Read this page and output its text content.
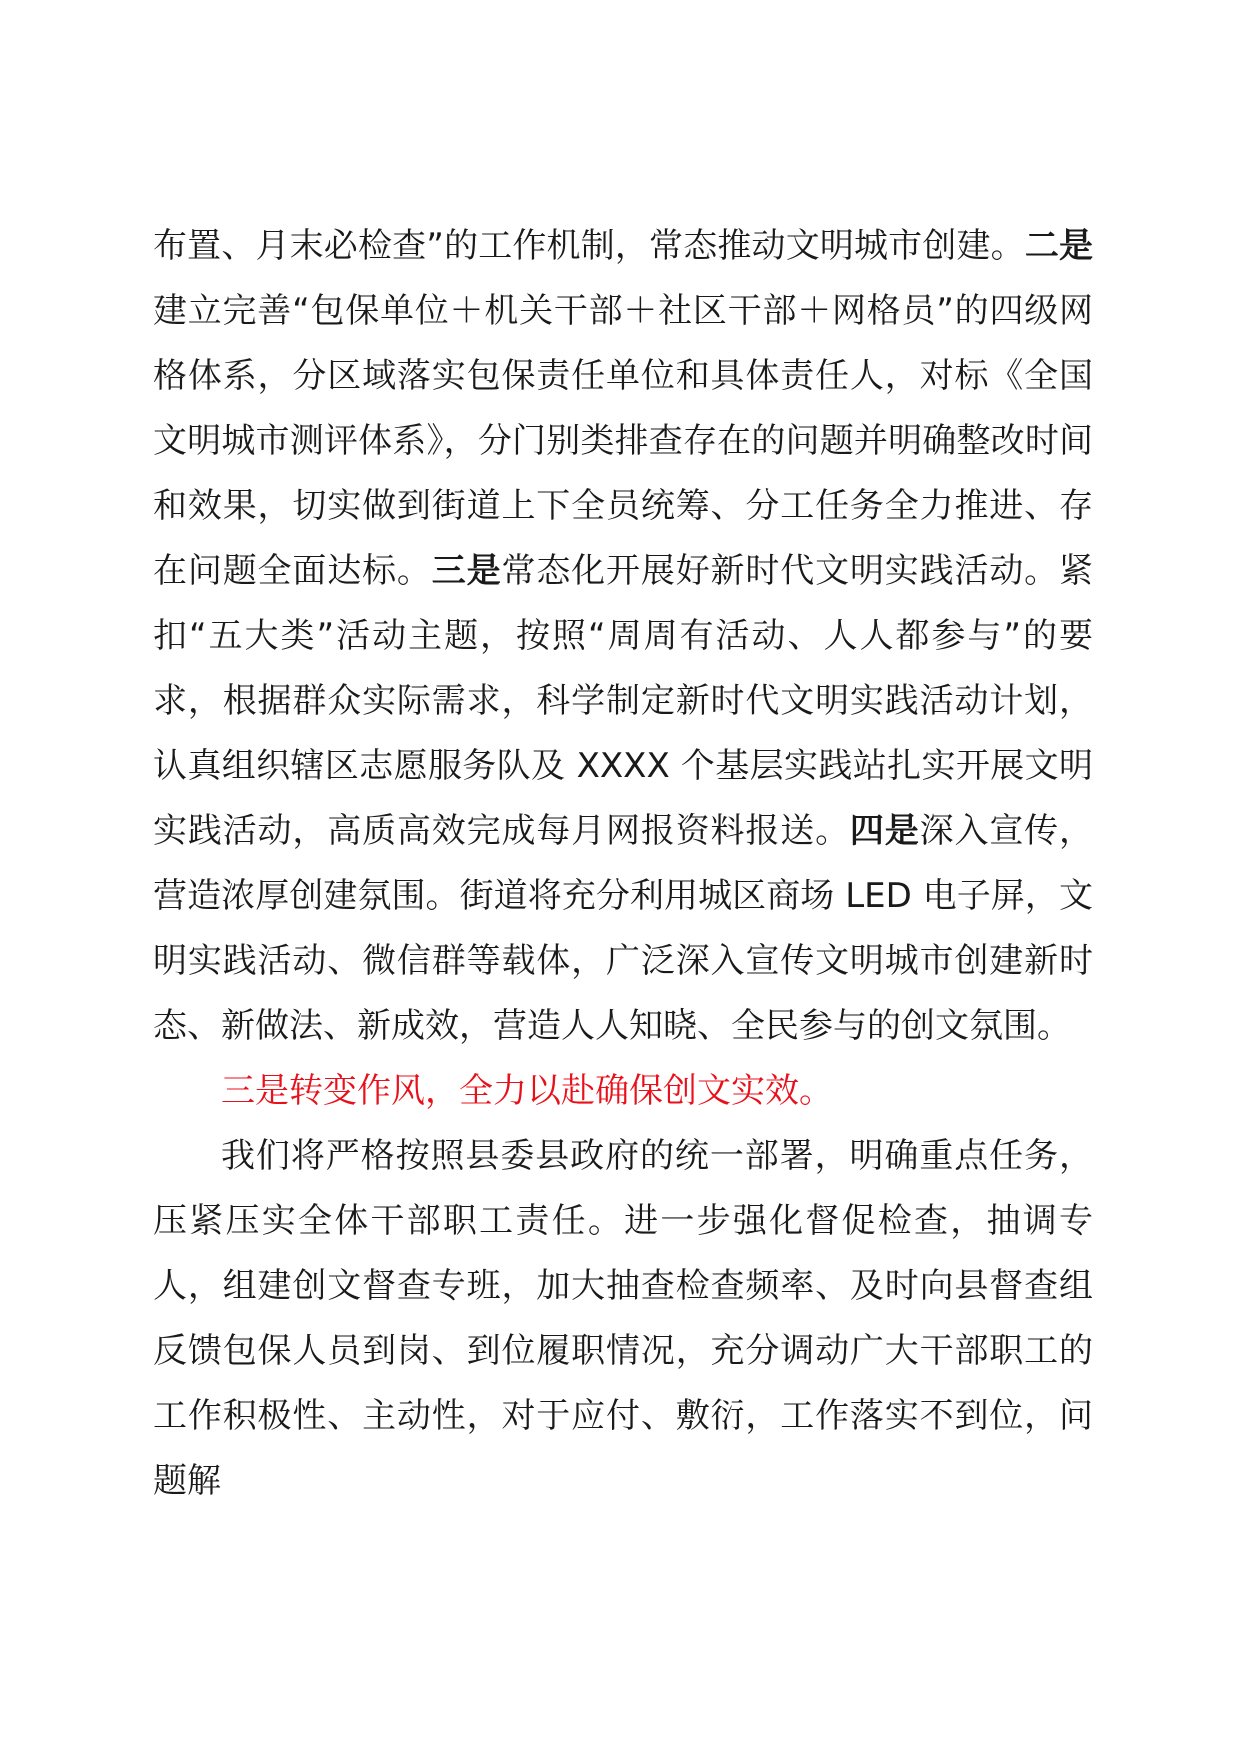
布置、月末必检查”的工作机制，常态推动文明城市创建。二是建立完善“包保单位＋机关干部＋社区干部＋网格员”的四级网格体系，分区域落实包保责任单位和具体责任人，对标《全国文明城市测评体系》，分门别类排查存在的问题并明确整改时间和效果，切实做到街道上下全员统筹、分工任务全力推进、存在问题全面达标。三是常态化开展好新时代文明实践活动。紧扣“五大类”活动主题，按照“周周有活动、人人都参与”的要求，根据群众实际需求，科学制定新时代文明实践活动计划，认真组织辖区志愿服务队及 XXXX 个基层实践站扎实开展文明实践活动，高质高效完成每月网报资料报送。四是深入宣传，营造浓厚创建氛围。街道将充分利用城区商场 LED 电子屏，文明实践活动、微信群等载体，广泛深入宣传文明城市创建新时态、新做法、新成效，营造人人知晓、全民参与的创文氛围。

三是转变作风，全力以赴确保创文实效。

我们将严格按照县委县政府的统一部署，明确重点任务，压紧压实全体干部职工责任。进一步强化督促检查，抽调专人，组建创文督查专班，加大抽查检查频率、及时向县督查组反馈包保人员到岗、到位履职情况，充分调动广大干部职工的工作积极性、主动性，对于应付、敷衍，工作落实不到位，问题解
